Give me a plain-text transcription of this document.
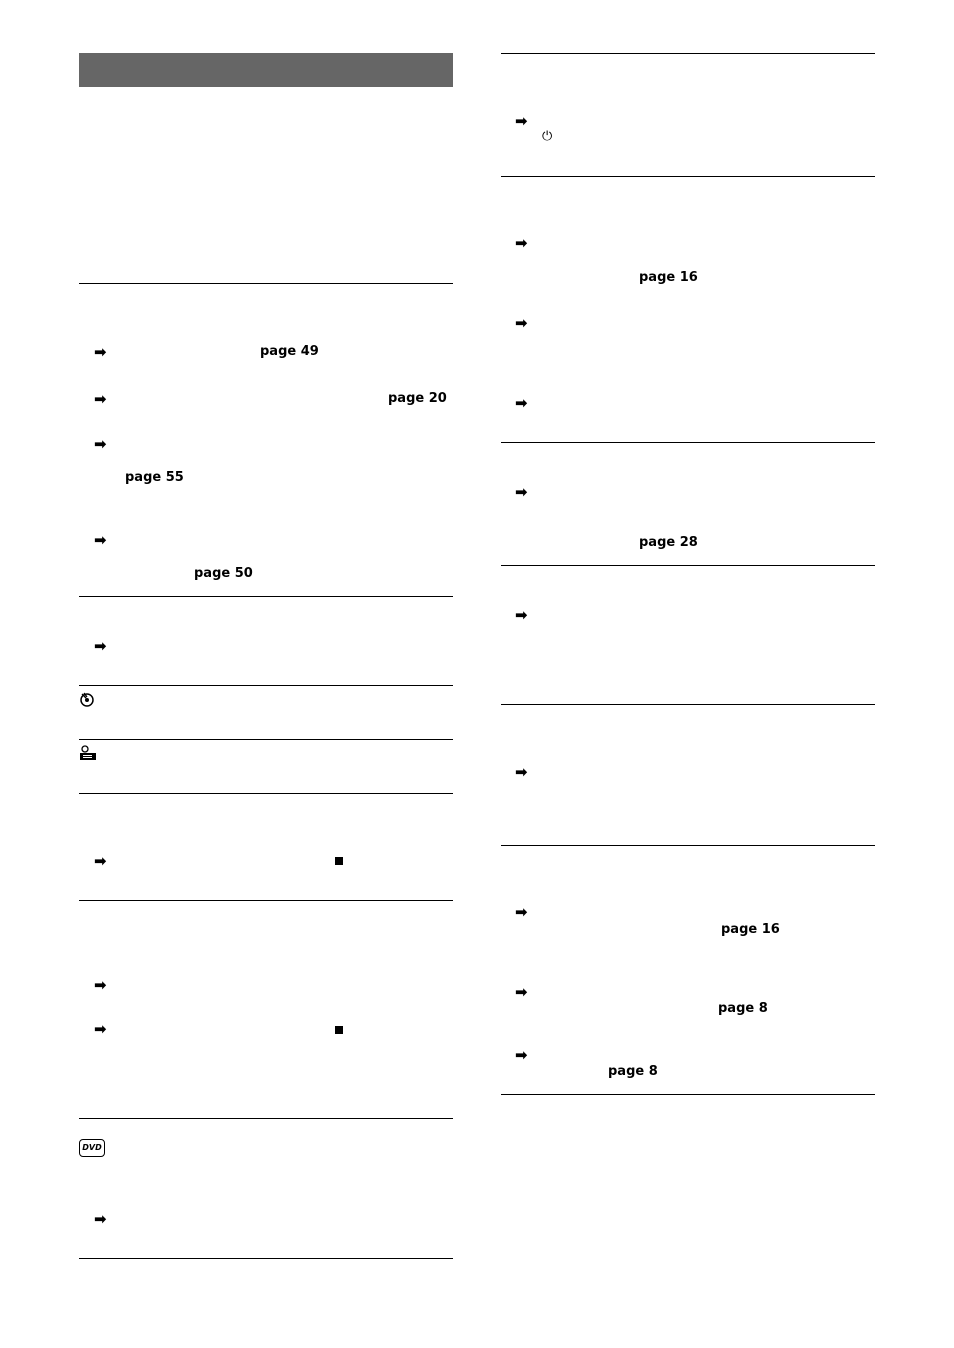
➡
➡
➡
➡
➡
➡
➡
➡
➡
page 49
page 20
page 55
page 50
DVD
➡
➡
➡
➡
➡
➡
➡
➡
➡
➡
⏻
page 16
page 28
page 16
page 8
page 8
